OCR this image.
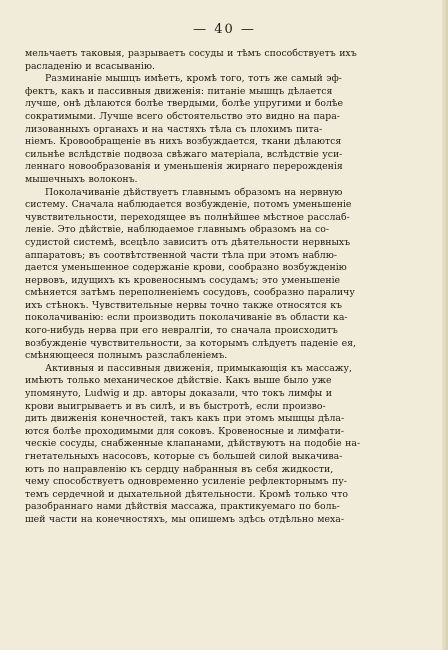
— 40 —

мельчаетъ таковыя, разрываетъ сосуды и тѣмъ способствуетъ ихъ
расладенію и всасыванію.

Разминаніе мышцъ имѣетъ, кромѣ того, тотъ же самый эф-
фектъ, какъ и пассивныя движенія: питаніе мышцъ дѣлается
лучше, онѣ дѣлаются болѣе твердыми, болѣе упругими и болѣе
сократимыми. Лучше всего обстоятельство это видно на пара-
лизованныхъ органахъ и на частяхъ тѣла съ плохимъ пита-
ніемъ. Кровообращеніе въ нихъ возбуждается, ткани дѣлаются
сильнѣе вслѣдствіе подвоза свѣжаго матеріала, вслѣдствіе уси-
леннаго новообразованія и уменьшенія жирнаго перерожденія
мышечныхъ волоконъ.

Поколачиваніе дѣйствуетъ главнымъ образомъ на нервную
систему. Сначала наблюдается возбужденіе, потомъ уменьшеніе
чувствительности, переходящее въ полнѣйшее мѣстное расслаб-
леніе. Это дѣйствіе, наблюдаемое главнымъ образомъ на со-
судистой системѣ, всецѣло зависитъ отъ дѣятельности нервныхъ
аппаратовъ; въ соотвѣтственной части тѣла при этомъ наблю-
дается уменьшенное содержаніе крови, сообразно возбужденію
нервовъ, идущихъ къ кровеноснымъ сосудамъ; это уменьшеніе
смѣняется затѣмъ переполненіемъ сосудовъ, сообразно параличу
ихъ стѣнокъ. Чувствительные нервы точно также относятся къ
поколачиванію: если производить поколачиваніе въ области ка-
кого-нибудь нерва при его невралгіи, то сначала происходитъ
возбужденіе чувствительности, за которымъ слѣдуетъ паденіе ея,
смѣняющееся полнымъ разслабленіемъ.

Активныя и пассивныя движенія, примыкающія къ массажу,
имѣютъ только механическое дѣйствіе. Какъ выше было уже
упомянуто, Ludwig и др. авторы доказали, что токъ лимфы и
крови выигрываетъ и въ силѣ, и въ быстротѣ, если произво-
дить движенія конечностей, такъ какъ при этомъ мышцы дѣла-
ются болѣе проходимыми для соковъ. Кровеносные и лимфати-
ческіе сосуды, снабженные клапанами, дѣйствуютъ на подобіе на-
гнетательныхъ насосовъ, которые съ большей силой выкачива-
ютъ по направленію къ сердцу набранныя въ себя жидкости,
чему способствуетъ одновременно усиленіе рефлекторнымъ пу-
темъ сердечной и дыхательной дѣятельности. Кромѣ только что
разобраннаго нами дѣйствія массажа, практикуемаго по боль-
шей части на конечностяхъ, мы опишемъ здѣсь отдѣльно меха-
